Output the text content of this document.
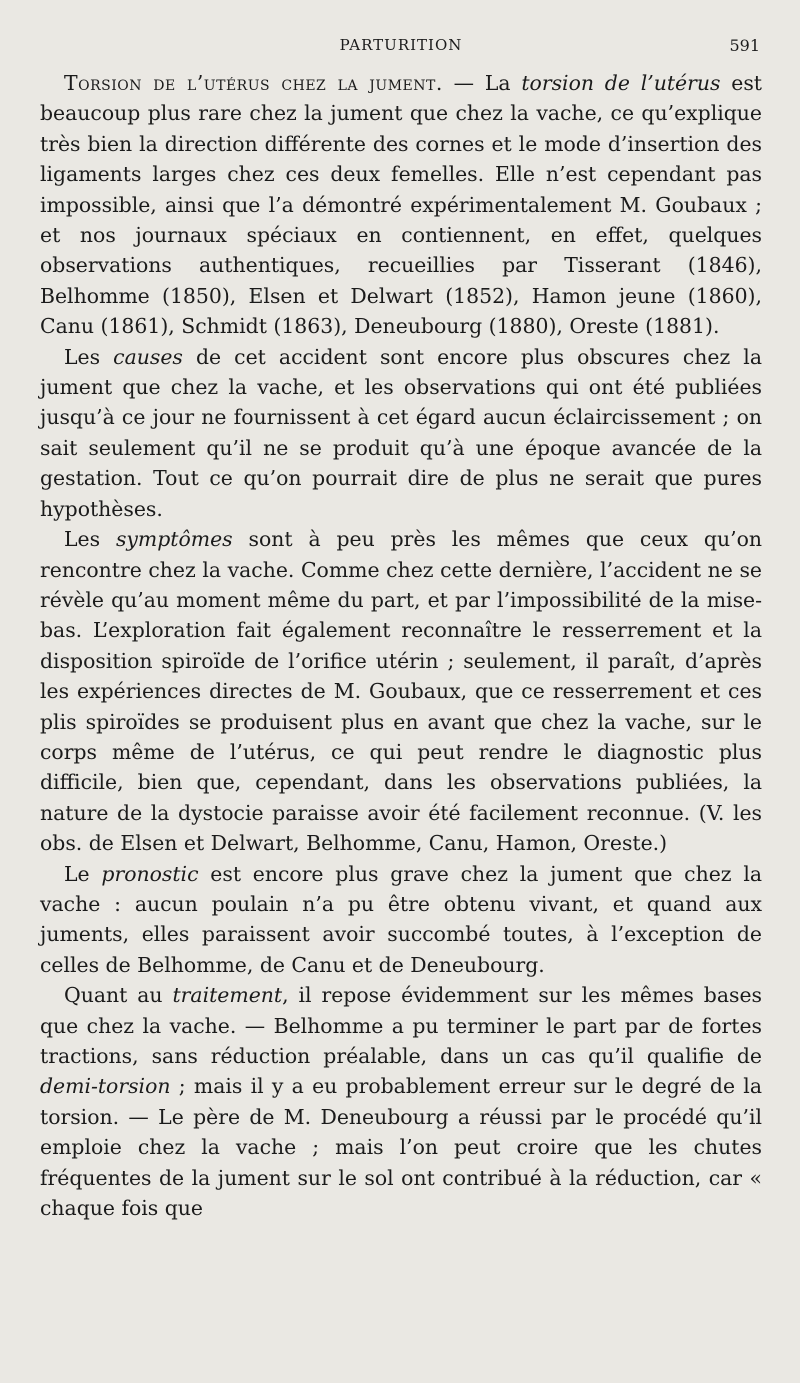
PARTURITION	591

Torsion de l’utérus chez la jument. — La torsion de l’utérus est beaucoup plus rare chez la jument que chez la vache, ce qu’explique très bien la direction différente des cornes et le mode d’insertion des ligaments larges chez ces deux femelles. Elle n’est cependant pas impossible, ainsi que l’a démontré expérimentalement M. Goubaux ; et nos journaux spéciaux en contiennent, en effet, quelques observations authentiques, recueillies par Tisserant (1846), Belhomme (1850), Elsen et Delwart (1852), Hamon jeune (1860), Canu (1861), Schmidt (1863), Deneubourg (1880), Oreste (1881).

Les causes de cet accident sont encore plus obscures chez la jument que chez la vache, et les observations qui ont été publiées jusqu’à ce jour ne fournissent à cet égard aucun éclaircissement ; on sait seulement qu’il ne se produit qu’à une époque avancée de la gestation. Tout ce qu’on pourrait dire de plus ne serait que pures hypothèses.

Les symptômes sont à peu près les mêmes que ceux qu’on rencontre chez la vache. Comme chez cette dernière, l’accident ne se révèle qu’au moment même du part, et par l’impossibilité de la mise-bas. L’exploration fait également reconnaître le resserrement et la disposition spiroïde de l’orifice utérin ; seulement, il paraît, d’après les expériences directes de M. Goubaux, que ce resserrement et ces plis spiroïdes se produisent plus en avant que chez la vache, sur le corps même de l’utérus, ce qui peut rendre le diagnostic plus difficile, bien que, cependant, dans les observations publiées, la nature de la dystocie paraisse avoir été facilement reconnue. (V. les obs. de Elsen et Delwart, Belhomme, Canu, Hamon, Oreste.)

Le pronostic est encore plus grave chez la jument que chez la vache : aucun poulain n’a pu être obtenu vivant, et quand aux juments, elles paraissent avoir succombé toutes, à l’exception de celles de Belhomme, de Canu et de Deneubourg.

Quant au traitement, il repose évidemment sur les mêmes bases que chez la vache. — Belhomme a pu terminer le part par de fortes tractions, sans réduction préalable, dans un cas qu’il qualifie de demi-torsion ; mais il y a eu probablement erreur sur le degré de la torsion. — Le père de M. Deneubourg a réussi par le procédé qu’il emploie chez la vache ; mais l’on peut croire que les chutes fréquentes de la jument sur le sol ont contribué à la réduction, car « chaque fois que
